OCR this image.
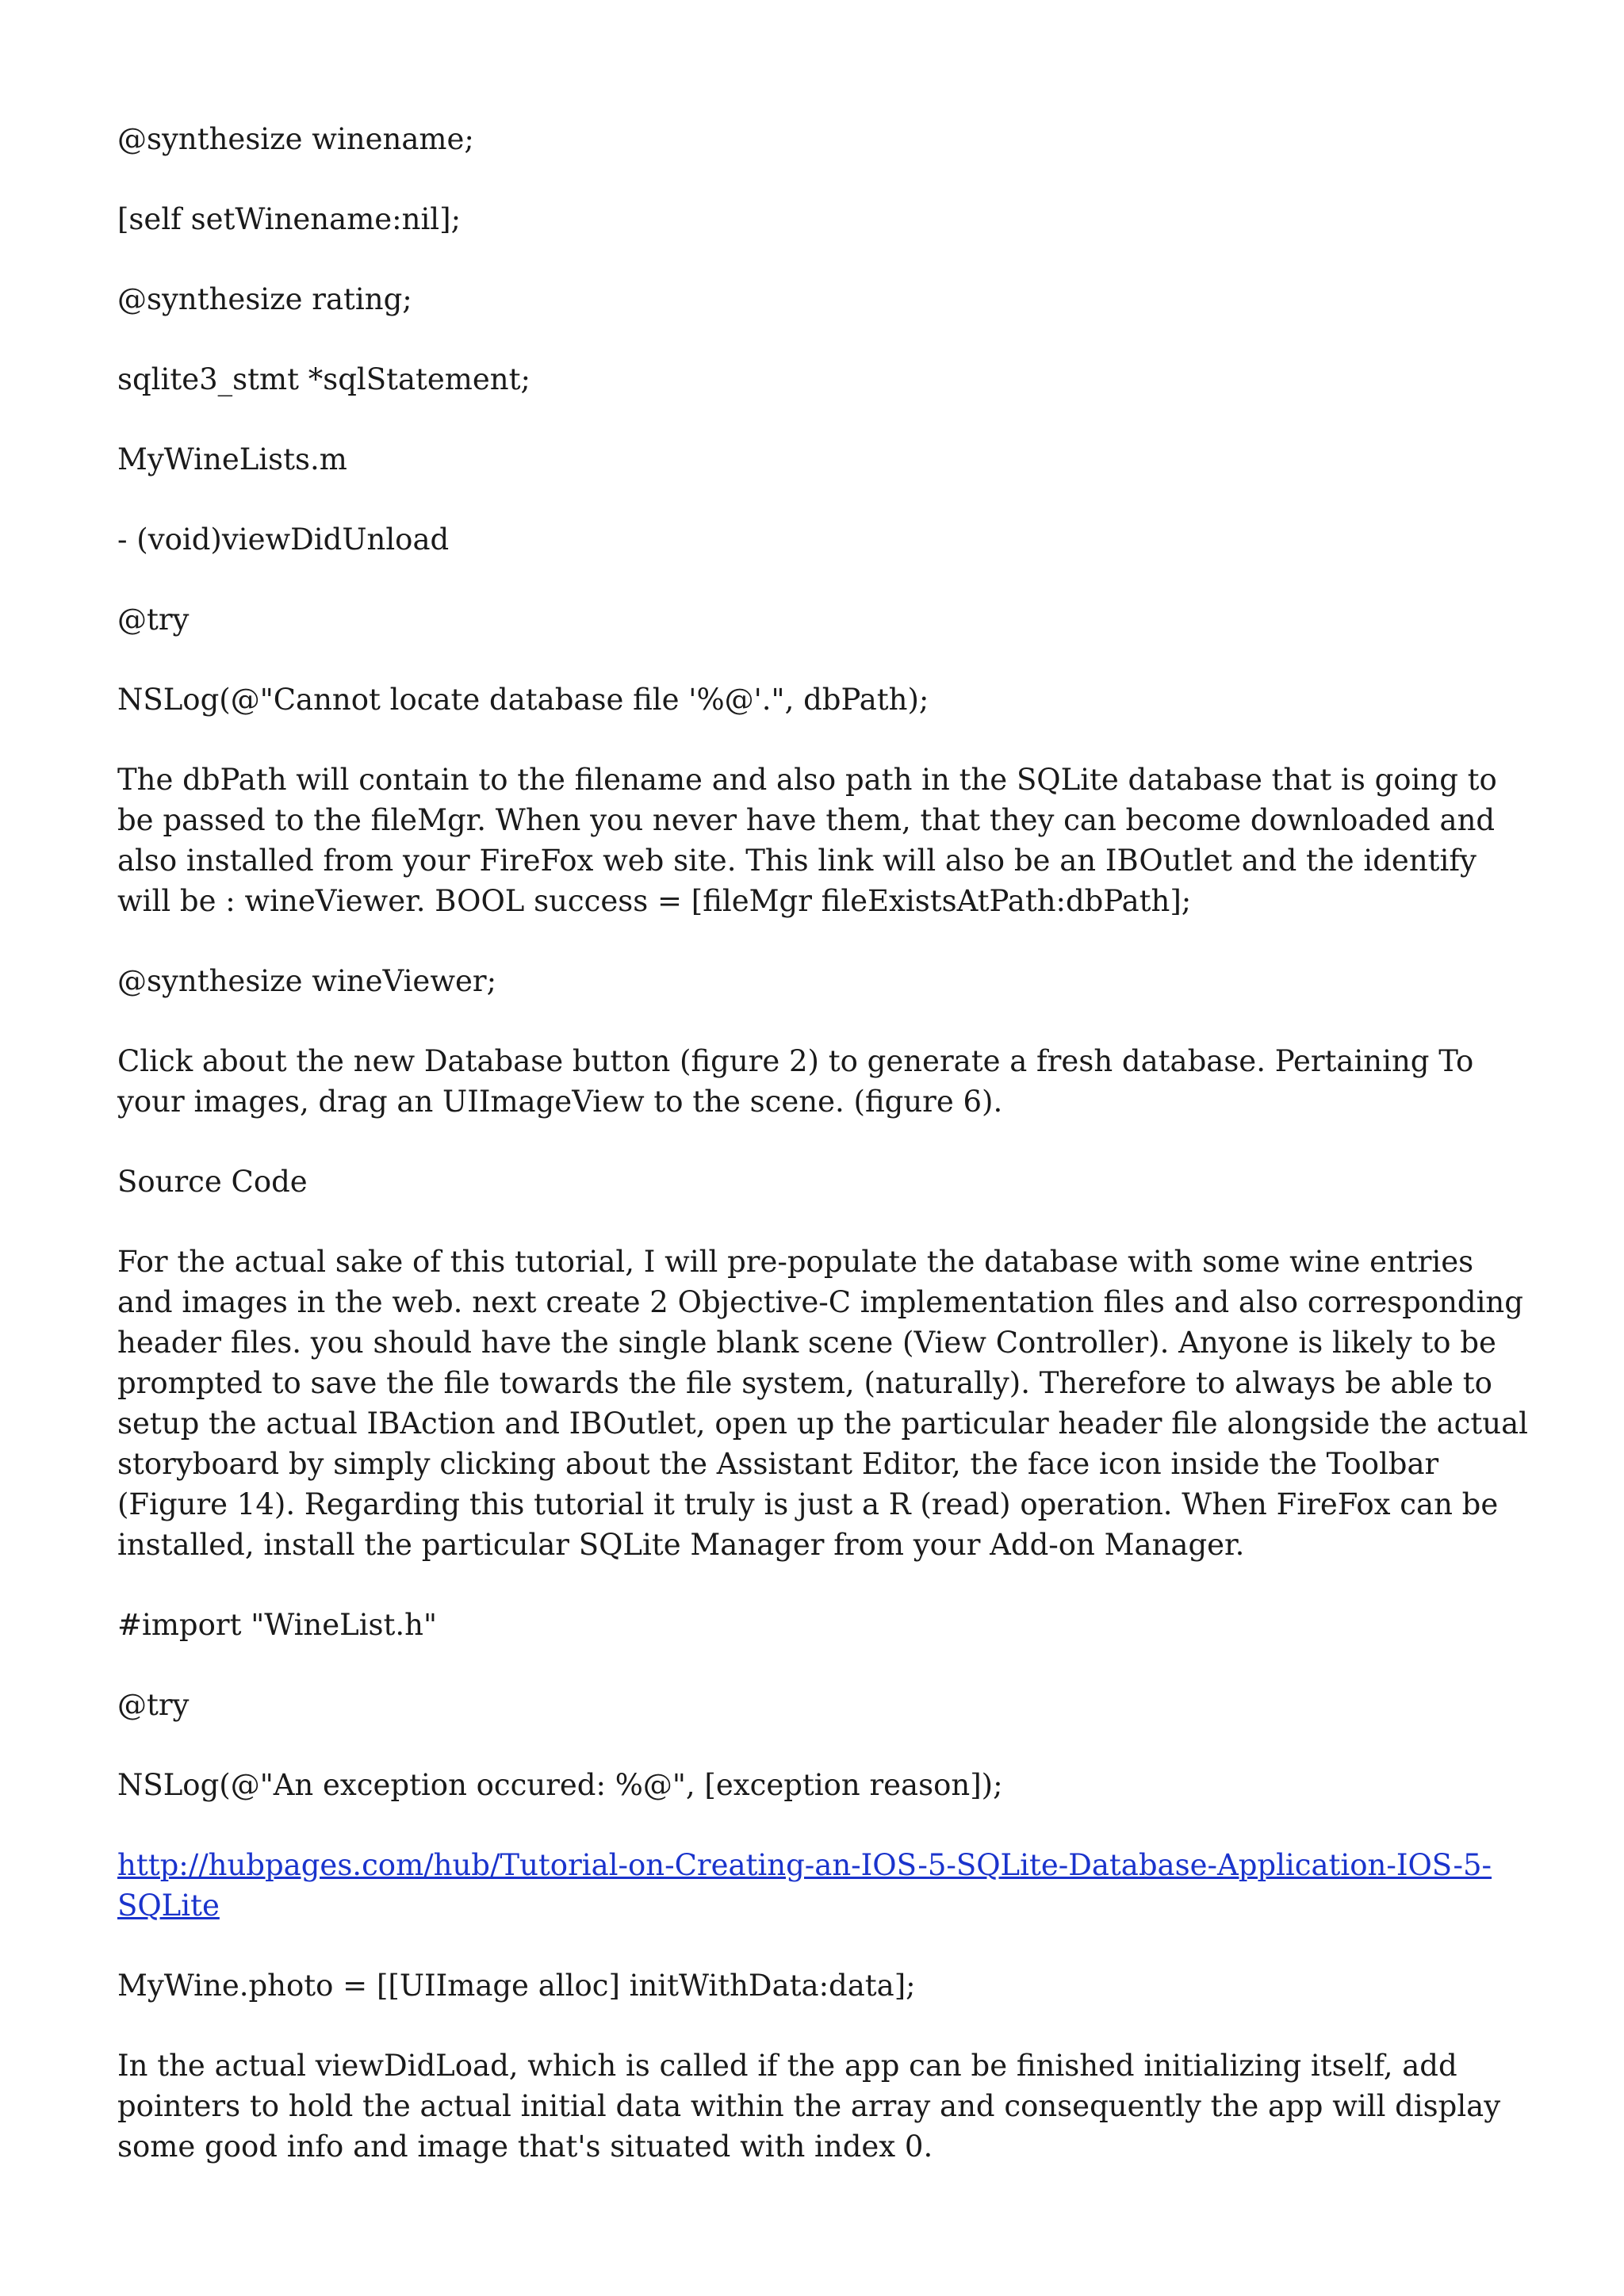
@synthesize winename;

[self setWinename:nil];

@synthesize rating;

sqlite3_stmt *sqlStatement;

MyWineLists.m

- (void)viewDidUnload

@try

NSLog(@"Cannot locate database file '%@'.", dbPath);

The dbPath will contain to the filename and also path in the SQLite database that is going to be passed to the fileMgr. When you never have them, that they can become downloaded and also installed from your FireFox web site. This link will also be an IBOutlet and the identify will be : wineViewer. BOOL success = [fileMgr fileExistsAtPath:dbPath];

@synthesize wineViewer;

Click about the new Database button (figure 2) to generate a fresh database. Pertaining To your images, drag an UIImageView to the scene. (figure 6).

Source Code

For the actual sake of this tutorial, I will pre-populate the database with some wine entries and images in the web. next create 2 Objective-C implementation files and also corresponding header files. you should have the single blank scene (View Controller). Anyone is likely to be prompted to save the file towards the file system, (naturally). Therefore to always be able to setup the actual IBAction and IBOutlet, open up the particular header file alongside the actual storyboard by simply clicking about the Assistant Editor, the face icon inside the Toolbar (Figure 14). Regarding this tutorial it truly is just a R (read) operation. When FireFox can be installed, install the particular SQLite Manager from your Add-on Manager.

#import "WineList.h"

@try

NSLog(@"An exception occured: %@", [exception reason]);

http://hubpages.com/hub/Tutorial-on-Creating-an-IOS-5-SQLite-Database-Application-IOS-5-SQLite

MyWine.photo = [[UIImage alloc] initWithData:data];

In the actual viewDidLoad, which is called if the app can be finished initializing itself, add pointers to hold the actual initial data within the array and consequently the app will display some good info and image that's situated with index 0.
